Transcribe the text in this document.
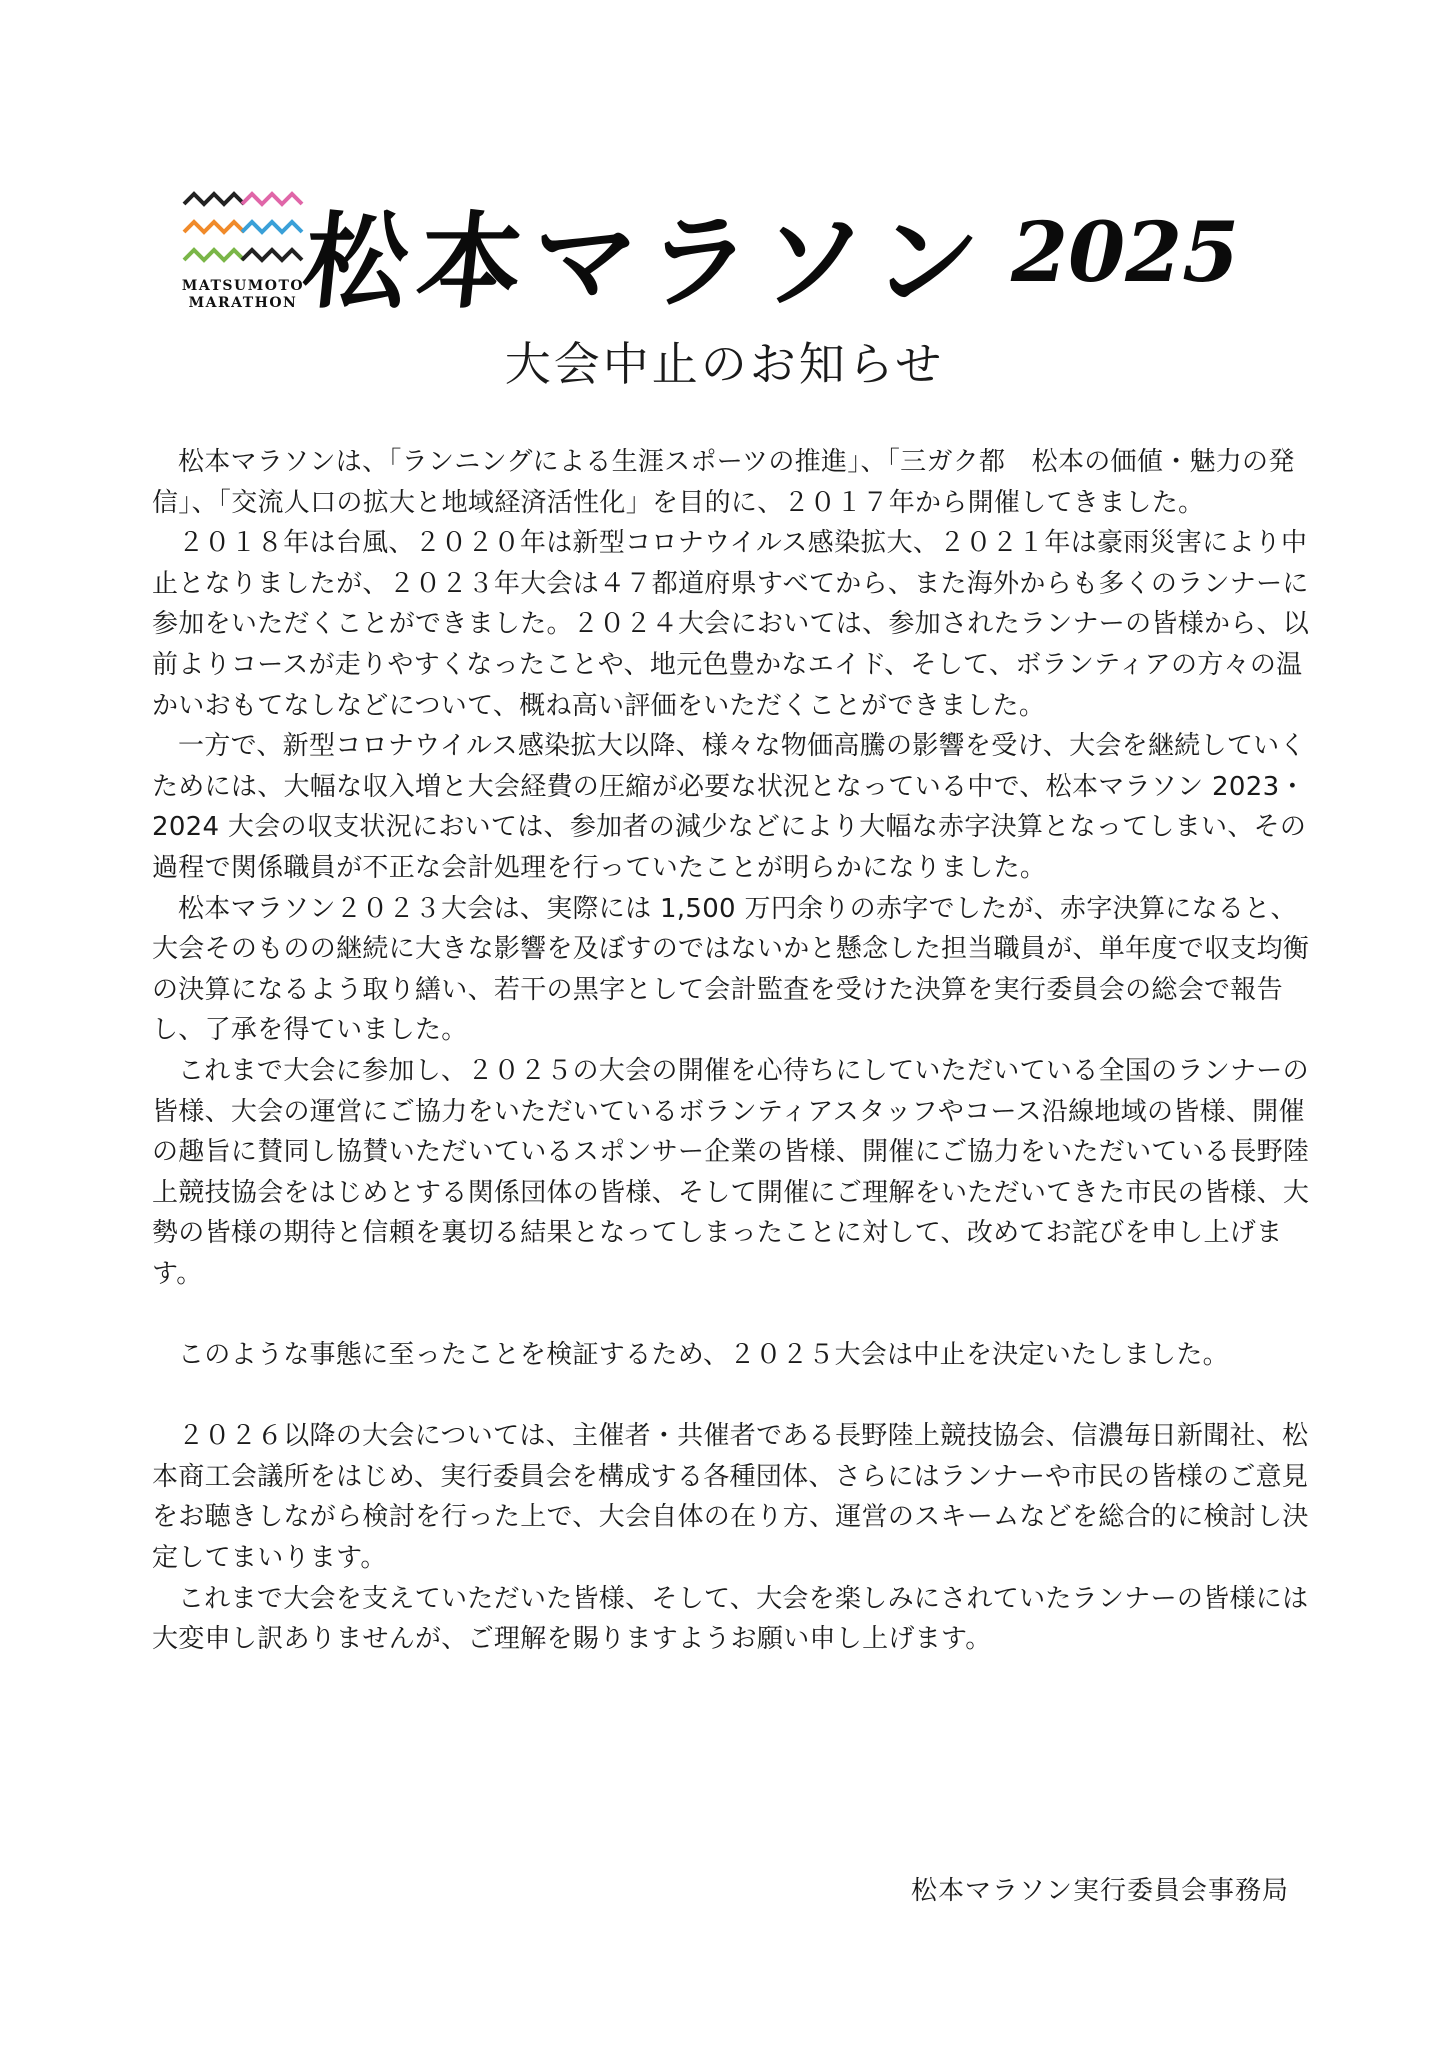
MATSUMOTO
MARATHON 松本マラソン 2025
大会中止のお知らせ

松本マラソンは、「ランニングによる生涯スポーツの推進」、「三ガク都　松本の価値・魅力の発信」、「交流人口の拡大と地域経済活性化」を目的に、２０１７年から開催してきました。

２０１８年は台風、２０２０年は新型コロナウイルス感染拡大、２０２１年は豪雨災害により中止となりましたが、２０２３年大会は４７都道府県すべてから、また海外からも多くのランナーに参加をいただくことができました。２０２４大会においては、参加されたランナーの皆様から、以前よりコースが走りやすくなったことや、地元色豊かなエイド、そして、ボランティアの方々の温かいおもてなしなどについて、概ね高い評価をいただくことができました。

一方で、新型コロナウイルス感染拡大以降、様々な物価高騰の影響を受け、大会を継続していくためには、大幅な収入増と大会経費の圧縮が必要な状況となっている中で、松本マラソン 2023・2024 大会の収支状況においては、参加者の減少などにより大幅な赤字決算となってしまい、その過程で関係職員が不正な会計処理を行っていたことが明らかになりました。

松本マラソン２０２３大会は、実際には 1,500 万円余りの赤字でしたが、赤字決算になると、大会そのものの継続に大きな影響を及ぼすのではないかと懸念した担当職員が、単年度で収支均衡の決算になるよう取り繕い、若干の黒字として会計監査を受けた決算を実行委員会の総会で報告し、了承を得ていました。

これまで大会に参加し、２０２５の大会の開催を心待ちにしていただいている全国のランナーの皆様、大会の運営にご協力をいただいているボランティアスタッフやコース沿線地域の皆様、開催の趣旨に賛同し協賛いただいているスポンサー企業の皆様、開催にご協力をいただいている長野陸上競技協会をはじめとする関係団体の皆様、そして開催にご理解をいただいてきた市民の皆様、大勢の皆様の期待と信頼を裏切る結果となってしまったことに対して、改めてお詫びを申し上げます。

このような事態に至ったことを検証するため、２０２５大会は中止を決定いたしました。

２０２６以降の大会については、主催者・共催者である長野陸上競技協会、信濃毎日新聞社、松本商工会議所をはじめ、実行委員会を構成する各種団体、さらにはランナーや市民の皆様のご意見をお聴きしながら検討を行った上で、大会自体の在り方、運営のスキームなどを総合的に検討し決定してまいります。

これまで大会を支えていただいた皆様、そして、大会を楽しみにされていたランナーの皆様には大変申し訳ありませんが、ご理解を賜りますようお願い申し上げます。

松本マラソン実行委員会事務局
